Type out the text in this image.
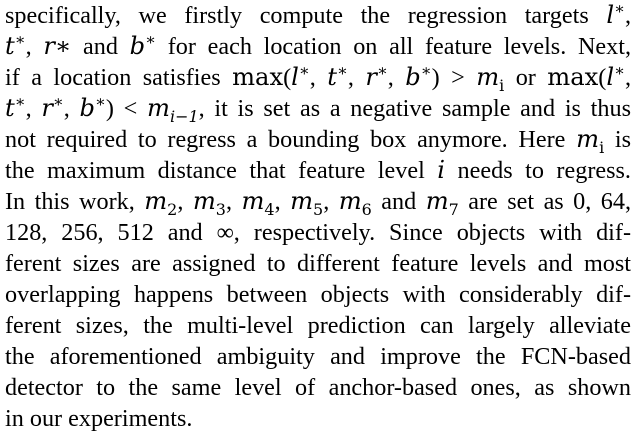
specifically, we firstly compute the regression targets l∗,
t∗, r∗ and b∗ for each location on all feature levels. Next,
if a location satisfies max(l∗, t∗, r∗, $b^∗) > m_i$ or max(l∗,
t∗, r∗, $b^∗) < m_{i-1}$, it is set as a negative sample and is thus
not required to regress a bounding box anymore. Here $m_i$ is
the maximum distance that feature level i needs to regress.
In this work, $m_2$, $m_3$, $m_4$, $m_5$, $m_6$ and $m_7$ are set as 0, 64,
128, 256, 512 and ∞, respectively. Since objects with dif-
ferent sizes are assigned to different feature levels and most
overlapping happens between objects with considerably dif-
ferent sizes, the multi-level prediction can largely alleviate
the aforementioned ambiguity and improve the FCN-based
detector to the same level of anchor-based ones, as shown
in our experiments.
